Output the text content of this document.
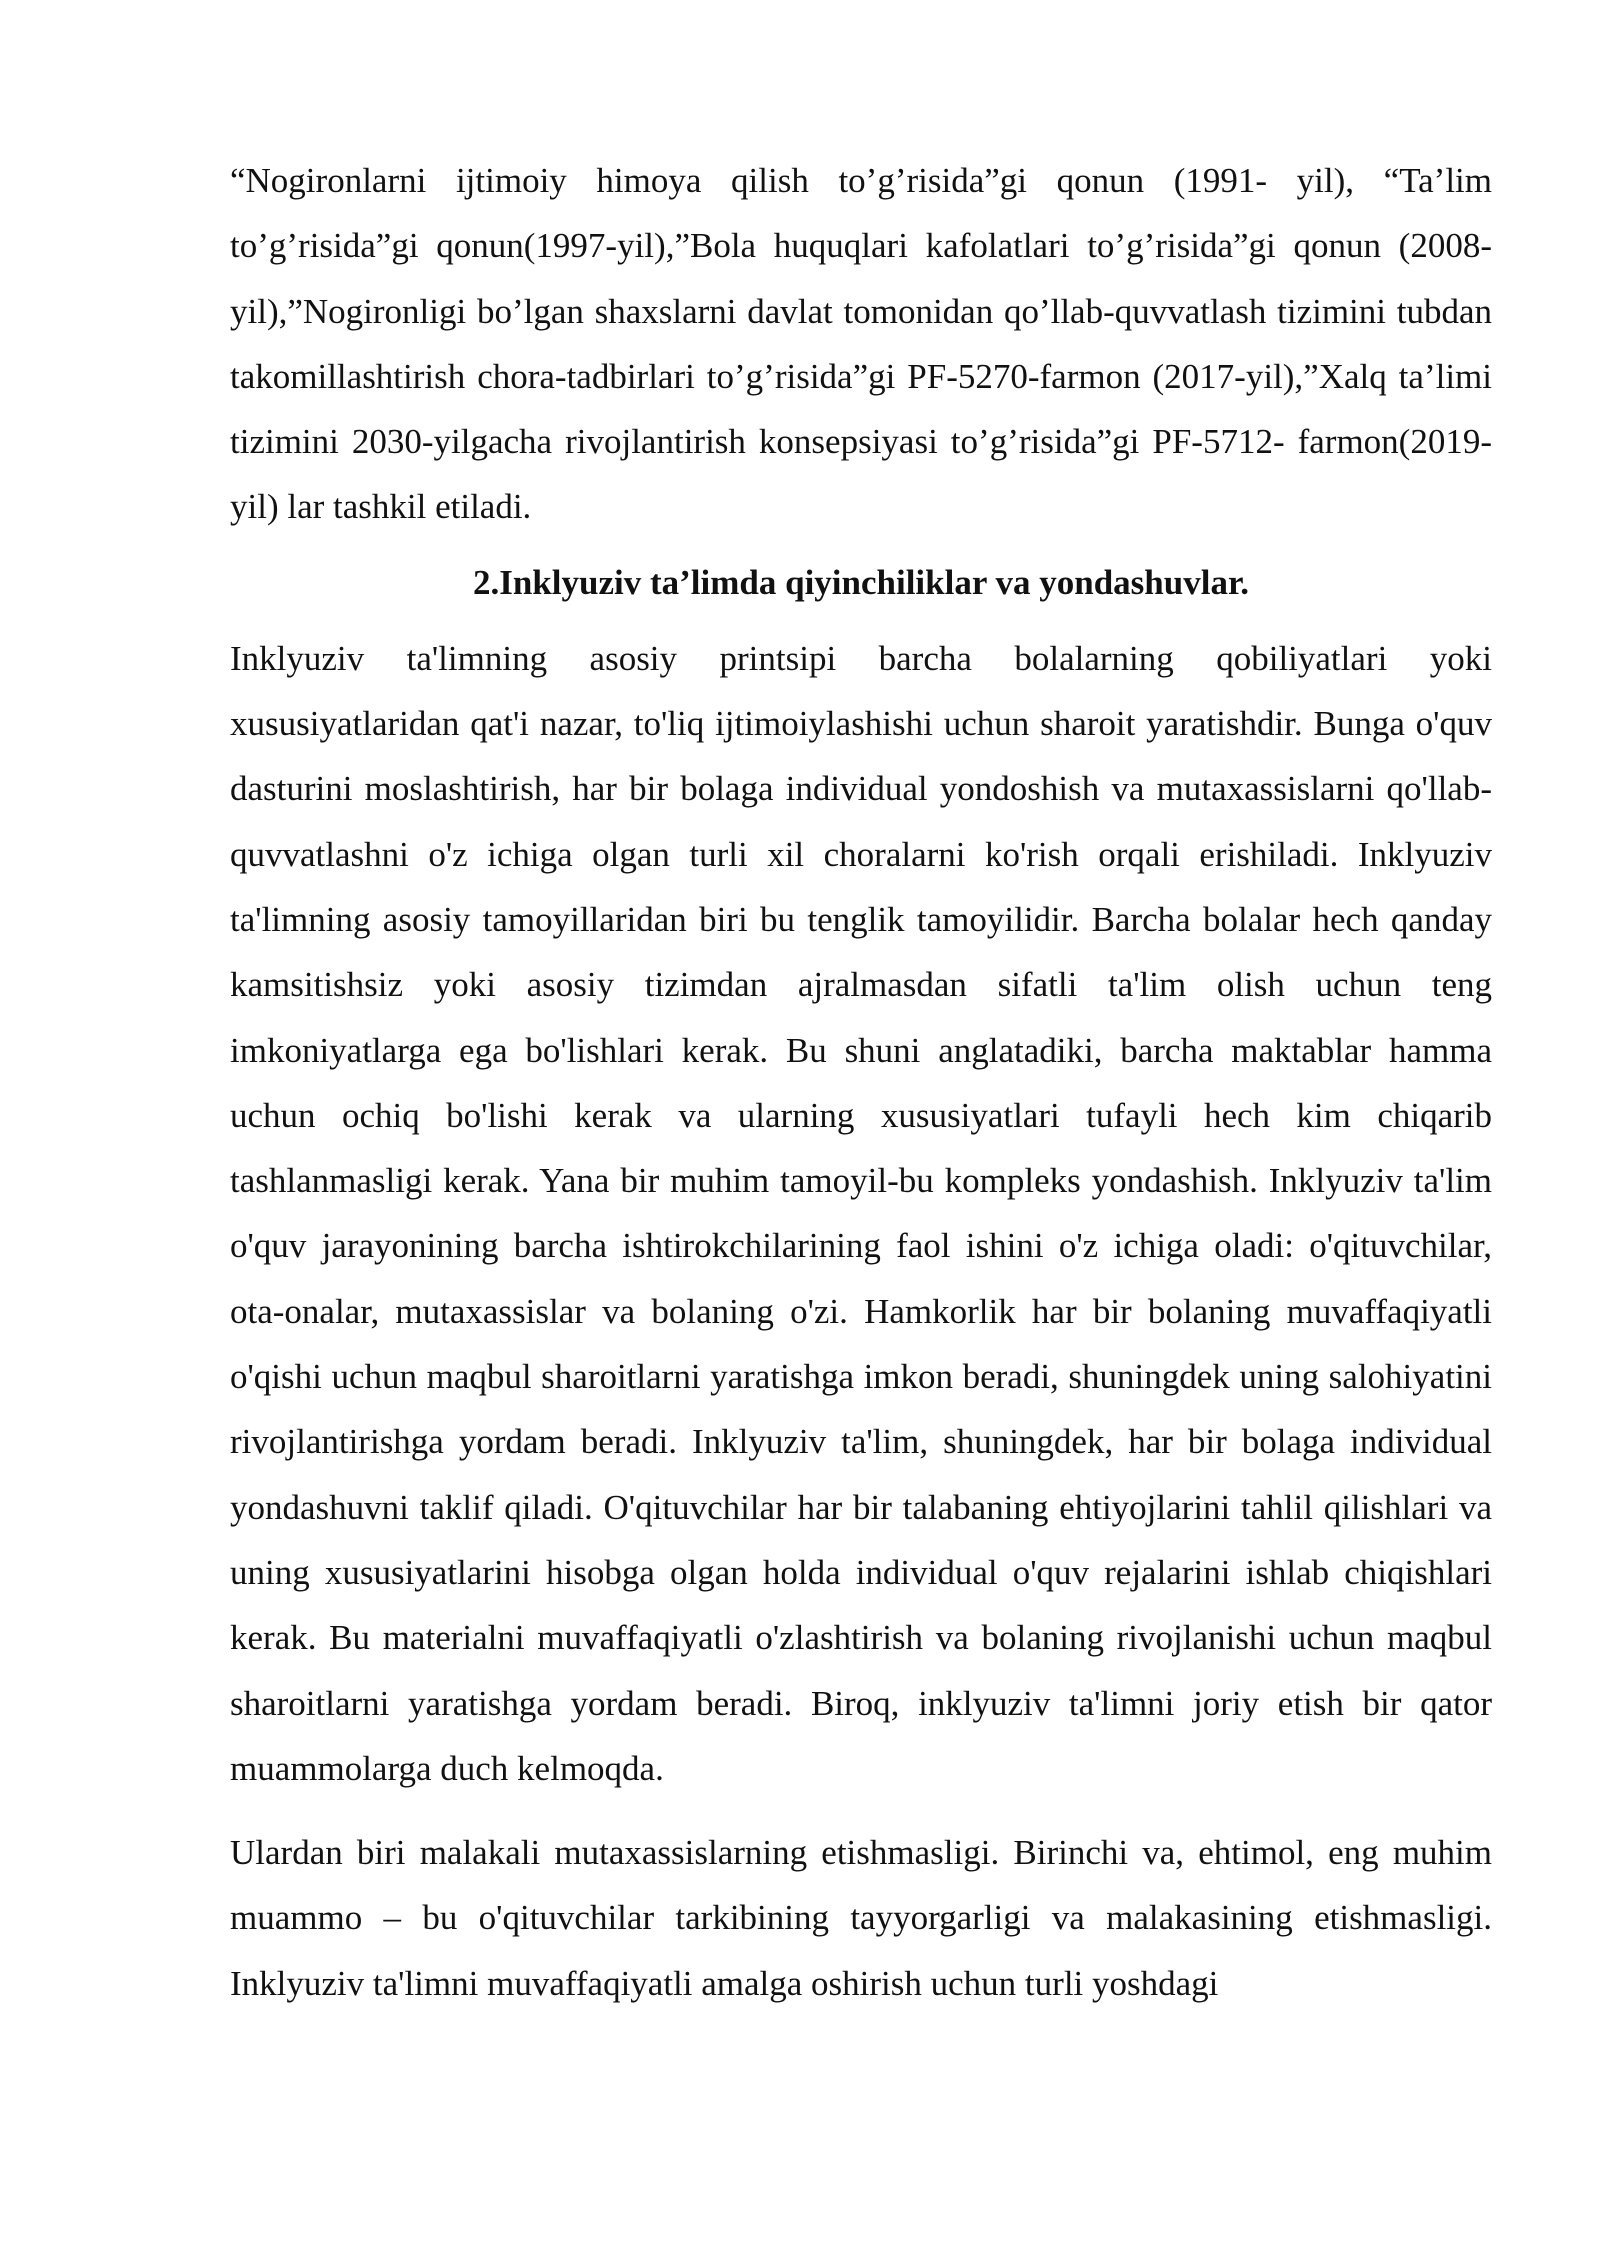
“Nogironlarni ijtimoiy himoya qilish to’g’risida”gi qonun (1991- yil), “Ta’lim to’g’risida”gi qonun(1997-yil),”Bola huquqlari kafolatlari to’g’risida”gi qonun (2008-yil),”Nogironligi bo’lgan shaxslarni davlat tomonidan qo’llab-quvvatlash tizimini tubdan takomillashtirish chora-tadbirlari to’g’risida”gi PF-5270-farmon (2017-yil),”Xalq ta’limi tizimini 2030-yilgacha rivojlantirish konsepsiyasi to’g’risida”gi PF-5712- farmon(2019-yil) lar tashkil etiladi.

2.Inklyuziv ta’limda qiyinchiliklar va yondashuvlar.

Inklyuziv ta'limning asosiy printsipi barcha bolalarning qobiliyatlari yoki xususiyatlaridan qat'i nazar, to'liq ijtimoiylashishi uchun sharoit yaratishdir. Bunga o'quv dasturini moslashtirish, har bir bolaga individual yondoshish va mutaxassislarni qo'llab-quvvatlashni o'z ichiga olgan turli xil choralarni ko'rish orqali erishiladi. Inklyuziv ta'limning asosiy tamoyillaridan biri bu tenglik tamoyilidir. Barcha bolalar hech qanday kamsitishsiz yoki asosiy tizimdan ajralmasdan sifatli ta'lim olish uchun teng imkoniyatlarga ega bo'lishlari kerak. Bu shuni anglatadiki, barcha maktablar hamma uchun ochiq bo'lishi kerak va ularning xususiyatlari tufayli hech kim chiqarib tashlanmasligi kerak. Yana bir muhim tamoyil-bu kompleks yondashish. Inklyuziv ta'lim o'quv jarayonining barcha ishtirokchilarining faol ishini o'z ichiga oladi: o'qituvchilar, ota-onalar, mutaxassislar va bolaning o'zi. Hamkorlik har bir bolaning muvaffaqiyatli o'qishi uchun maqbul sharoitlarni yaratishga imkon beradi, shuningdek uning salohiyatini rivojlantirishga yordam beradi. Inklyuziv ta'lim, shuningdek, har bir bolaga individual yondashuvni taklif qiladi. O'qituvchilar har bir talabaning ehtiyojlarini tahlil qilishlari va uning xususiyatlarini hisobga olgan holda individual o'quv rejalarini ishlab chiqishlari kerak. Bu materialni muvaffaqiyatli o'zlashtirish va bolaning rivojlanishi uchun maqbul sharoitlarni yaratishga yordam beradi. Biroq, inklyuziv ta'limni joriy etish bir qator muammolarga duch kelmoqda.

Ulardan biri malakali mutaxassislarning etishmasligi. Birinchi va, ehtimol, eng muhim muammo – bu o'qituvchilar tarkibining tayyorgarligi va malakasining etishmasligi. Inklyuziv ta'limni muvaffaqiyatli amalga oshirish uchun turli yoshdagi
